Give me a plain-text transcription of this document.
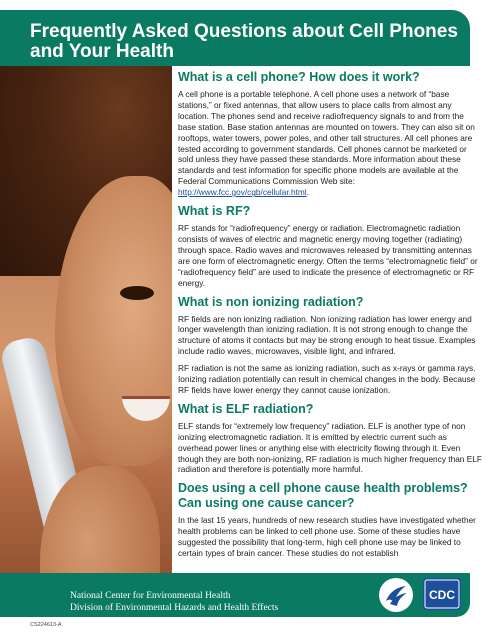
Frequently Asked Questions about Cell Phones and Your Health
What is a cell phone? How does it work?

A cell phone is a portable telephone. A cell phone uses a network of “base stations,” or fixed antennas, that allow users to place calls from almost any location. The phones send and receive radiofrequency signals to and from the base station. Base station antennas are mounted on towers. They can also sit on rooftops, water towers, power poles, and other tall structures. All cell phones are tested according to government standards. Cell phones cannot be marketed or sold unless they have passed these standards. More information about these standards and test information for specific phone models are available at the Federal Communications Commission Web site: http://www.fcc.gov/cgb/cellular.html.

What is RF?

RF stands for “radiofrequency” energy or radiation. Electromagnetic radiation consists of waves of electric and magnetic energy moving together (radiating) through space. Radio waves and microwaves released by transmitting antennas are one form of electromagnetic energy. Often the terms “electromagnetic field” or “radiofrequency field” are used to indicate the presence of electromagnetic or RF energy.

What is non ionizing radiation?

RF fields are non ionizing radiation. Non ionizing radiation has lower energy and longer wavelength than ionizing radiation. It is not strong enough to change the structure of atoms it contacts but may be strong enough to heat tissue. Examples include radio waves, microwaves, visible light, and infrared.

RF radiation is not the same as ionizing radiation, such as x-rays or gamma rays. Ionizing radiation potentially can result in chemical changes in the body. Because RF fields have lower energy they cannot cause ionization.

What is ELF radiation?

ELF stands for “extremely low frequency” radiation. ELF is another type of non ionizing electromagnetic radiation. It is emitted by electric current such as overhead power lines or anything else with electricity flowing through it. Even though they are both non-ionizing, RF radiation is much higher frequency than ELF radiation and therefore is potentially more harmful.

Does using a cell phone cause health problems? Can using one cause cancer?

In the last 15 years, hundreds of new research studies have investigated whether health problems can be linked to cell phone use. Some of these studies have suggested the possibility that long-term, high cell phone use may be linked to certain types of brain cancer. These studies do not establish

National Center for Environmental Health
Division of Environmental Hazards and Health Effects
CDC
CS224613-A
